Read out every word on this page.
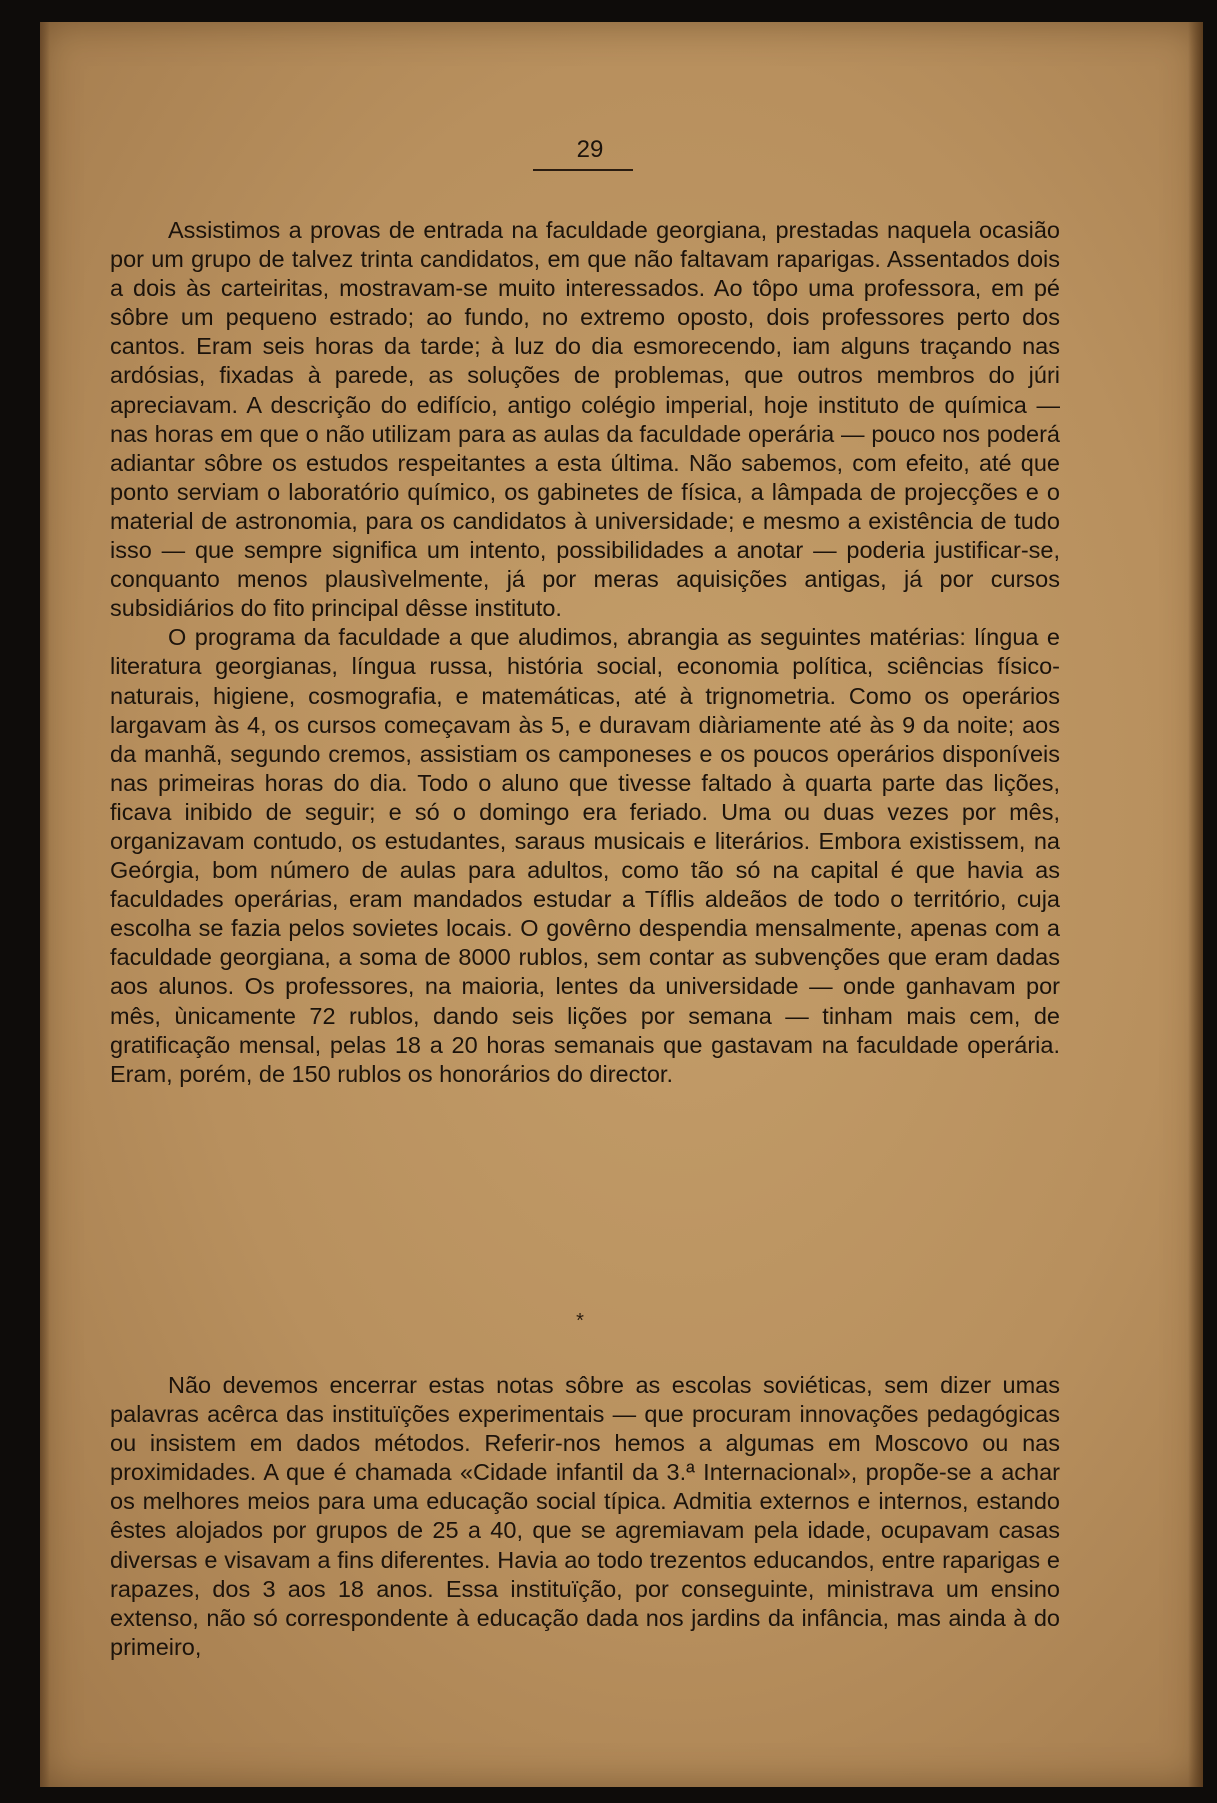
29

Assistimos a provas de entrada na faculdade georgiana, prestadas naquela ocasião por um grupo de talvez trinta candidatos, em que não faltavam raparigas. Assentados dois a dois às carteiritas, mostravam-se muito interessados. Ao tôpo uma professora, em pé sôbre um pequeno estrado; ao fundo, no extremo oposto, dois professores perto dos cantos. Eram seis horas da tarde; à luz do dia esmorecendo, iam alguns traçando nas ardósias, fixadas à parede, as soluções de problemas, que outros membros do júri apreciavam. A descrição do edifício, antigo colégio imperial, hoje instituto de química — nas horas em que o não utilizam para as aulas da faculdade operária — pouco nos poderá adiantar sôbre os estudos respeitantes a esta última. Não sabemos, com efeito, até que ponto serviam o laboratório químico, os gabinetes de física, a lâmpada de projecções e o material de astronomia, para os candidatos à universidade; e mesmo a existência de tudo isso — que sempre significa um intento, possibilidades a anotar — poderia justificar-se, conquanto menos plausìvelmente, já por meras aquisições antigas, já por cursos subsidiários do fito principal dêsse instituto.

O programa da faculdade a que aludimos, abrangia as seguintes matérias: língua e literatura georgianas, língua russa, história social, economia política, sciências físico-naturais, higiene, cosmografia, e matemáticas, até à trignometria. Como os operários largavam às 4, os cursos começavam às 5, e duravam diàriamente até às 9 da noite; aos da manhã, segundo cremos, assistiam os camponeses e os poucos operários disponíveis nas primeiras horas do dia. Todo o aluno que tivesse faltado à quarta parte das lições, ficava inibido de seguir; e só o domingo era feriado. Uma ou duas vezes por mês, organizavam contudo, os estudantes, saraus musicais e literários. Embora existissem, na Geórgia, bom número de aulas para adultos, como tão só na capital é que havia as faculdades operárias, eram mandados estudar a Tíflis aldeãos de todo o território, cuja escolha se fazia pelos sovietes locais. O govêrno despendia mensalmente, apenas com a faculdade georgiana, a soma de 8000 rublos, sem contar as subvenções que eram dadas aos alunos. Os professores, na maioria, lentes da universidade — onde ganhavam por mês, ùnicamente 72 rublos, dando seis lições por semana — tinham mais cem, de gratificação mensal, pelas 18 a 20 horas semanais que gastavam na faculdade operária. Eram, porém, de 150 rublos os honorários do director.

*

Não devemos encerrar estas notas sôbre as escolas soviéticas, sem dizer umas palavras acêrca das instituïções experimentais — que procuram innovações pedagógicas ou insistem em dados métodos. Referir-nos hemos a algumas em Moscovo ou nas proximidades. A que é chamada «Cidade infantil da 3.ª Internacional», propõe-se a achar os melhores meios para uma educação social típica. Admitia externos e internos, estando êstes alojados por grupos de 25 a 40, que se agremiavam pela idade, ocupavam casas diversas e visavam a fins diferentes. Havia ao todo trezentos educandos, entre raparigas e rapazes, dos 3 aos 18 anos. Essa instituïção, por conseguinte, ministrava um ensino extenso, não só correspondente à educação dada nos jardins da infância, mas ainda à do primeiro,
